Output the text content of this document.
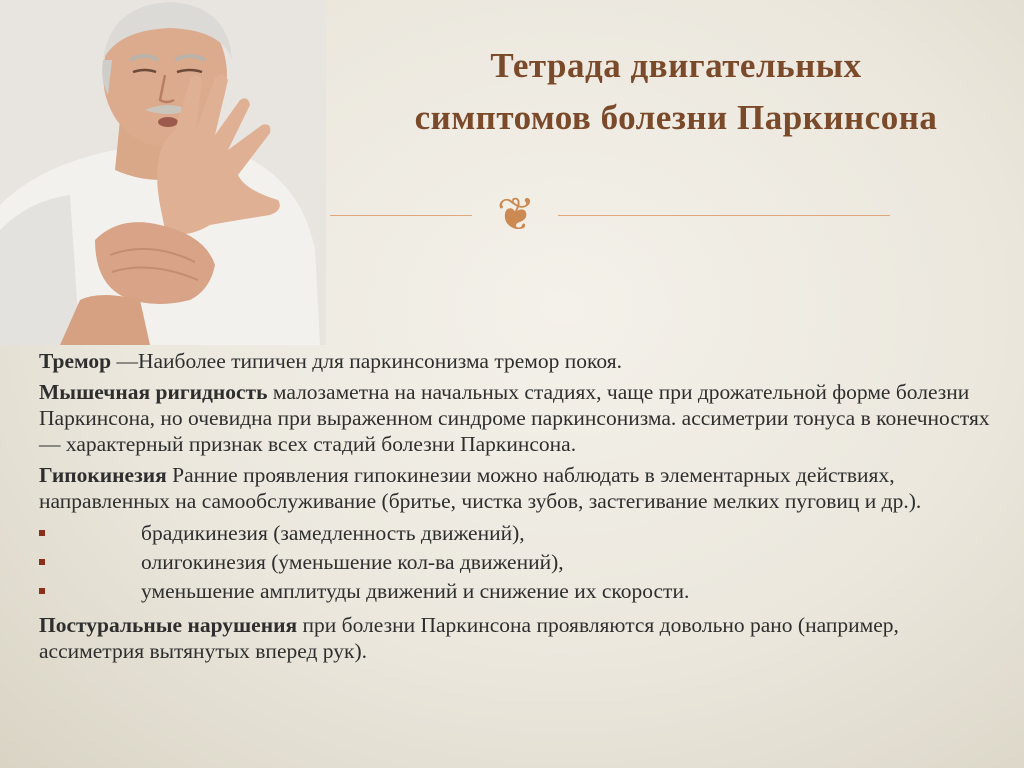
Тетрада двигательных
симптомов болезни Паркинсона
❦

Тремор —Наиболее типичен для паркинсонизма тремор покоя.

Мышечная ригидность малозаметна на начальных стадиях, чаще при дрожательной форме болезни Паркинсона, но очевидна при выраженном синдроме паркинсонизма. ассиметрии тонуса в конечностях — характерный признак всех стадий болезни Паркинсона.

Гипокинезия Ранние проявления гипокинезии можно наблюдать в элементарных действиях, направленных на самообслуживание (бритье, чистка зубов, застегивание мелких пуговиц и др.).

брадикинезия (замедленность движений),
олигокинезия (уменьшение кол-ва движений),
уменьшение амплитуды движений и снижение их скорости.

Постуральные нарушения при болезни Паркинсона проявляются довольно рано (например, ассиметрия вытянутых вперед рук).
